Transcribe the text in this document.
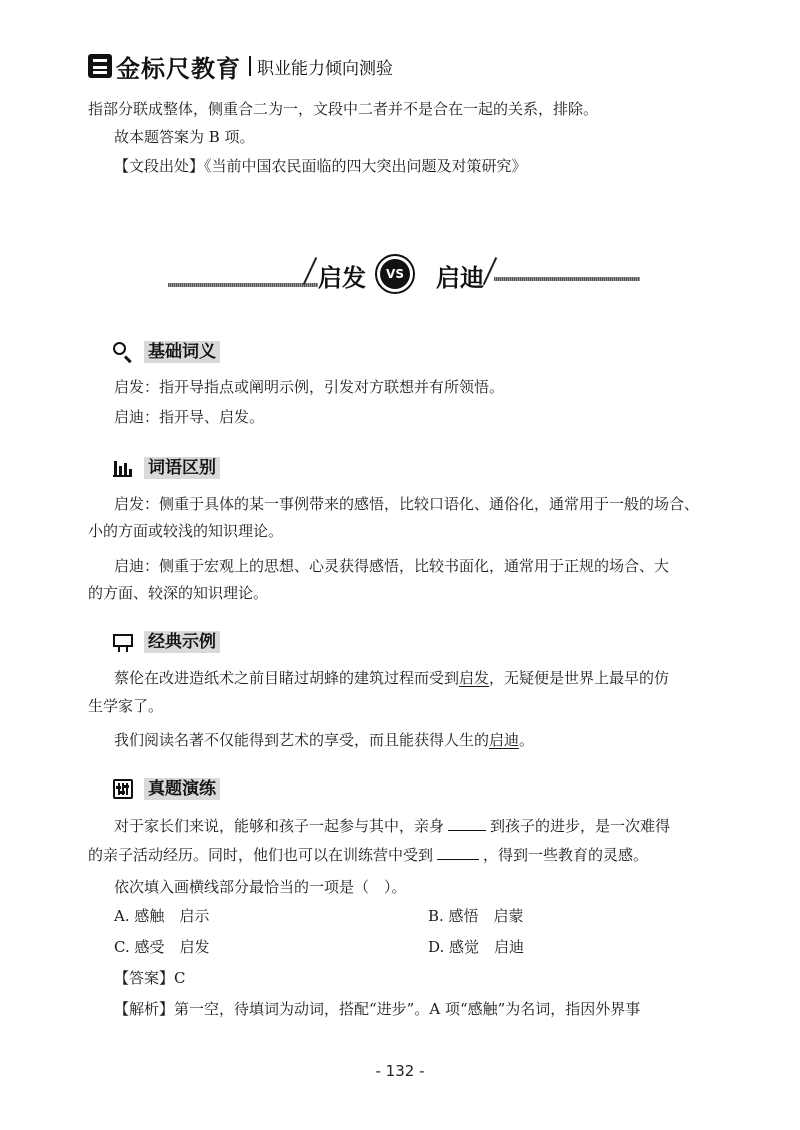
金标尺教育 职业能力倾向测验
指部分联成整体，侧重合二为一，文段中二者并不是合在一起的关系，排除。
故本题答案为 B 项。
【文段出处】《当前中国农民面临的四大突出问题及对策研究》
启发	VS 启迪
基础词义
启发：指开导指点或阐明示例，引发对方联想并有所领悟。
启迪：指开导、启发。
词语区别
启发：侧重于具体的某一事例带来的感悟，比较口语化、通俗化，通常用于一般的场合、
小的方面或较浅的知识理论。
启迪：侧重于宏观上的思想、心灵获得感悟，比较书面化，通常用于正规的场合、大
的方面、较深的知识理论。
经典示例
蔡伦在改进造纸术之前目睹过胡蜂的建筑过程而受到启发，无疑便是世界上最早的仿
生学家了。
我们阅读名著不仅能得到艺术的享受，而且能获得人生的启迪。
真题演练
对于家长们来说，能够和孩子一起参与其中，亲身	到孩子的进步，是一次难得
的亲子活动经历。同时，他们也可以在训练营中受到	，得到一些教育的灵感。
依次填入画横线部分最恰当的一项是（　）。
A. 感触　启示	B. 感悟　启蒙
C. 感受　启发	D. 感觉　启迪
【答案】C
【解析】第一空，待填词为动词，搭配“进步”。A 项“感触”为名词，指因外界事
- 132 -
